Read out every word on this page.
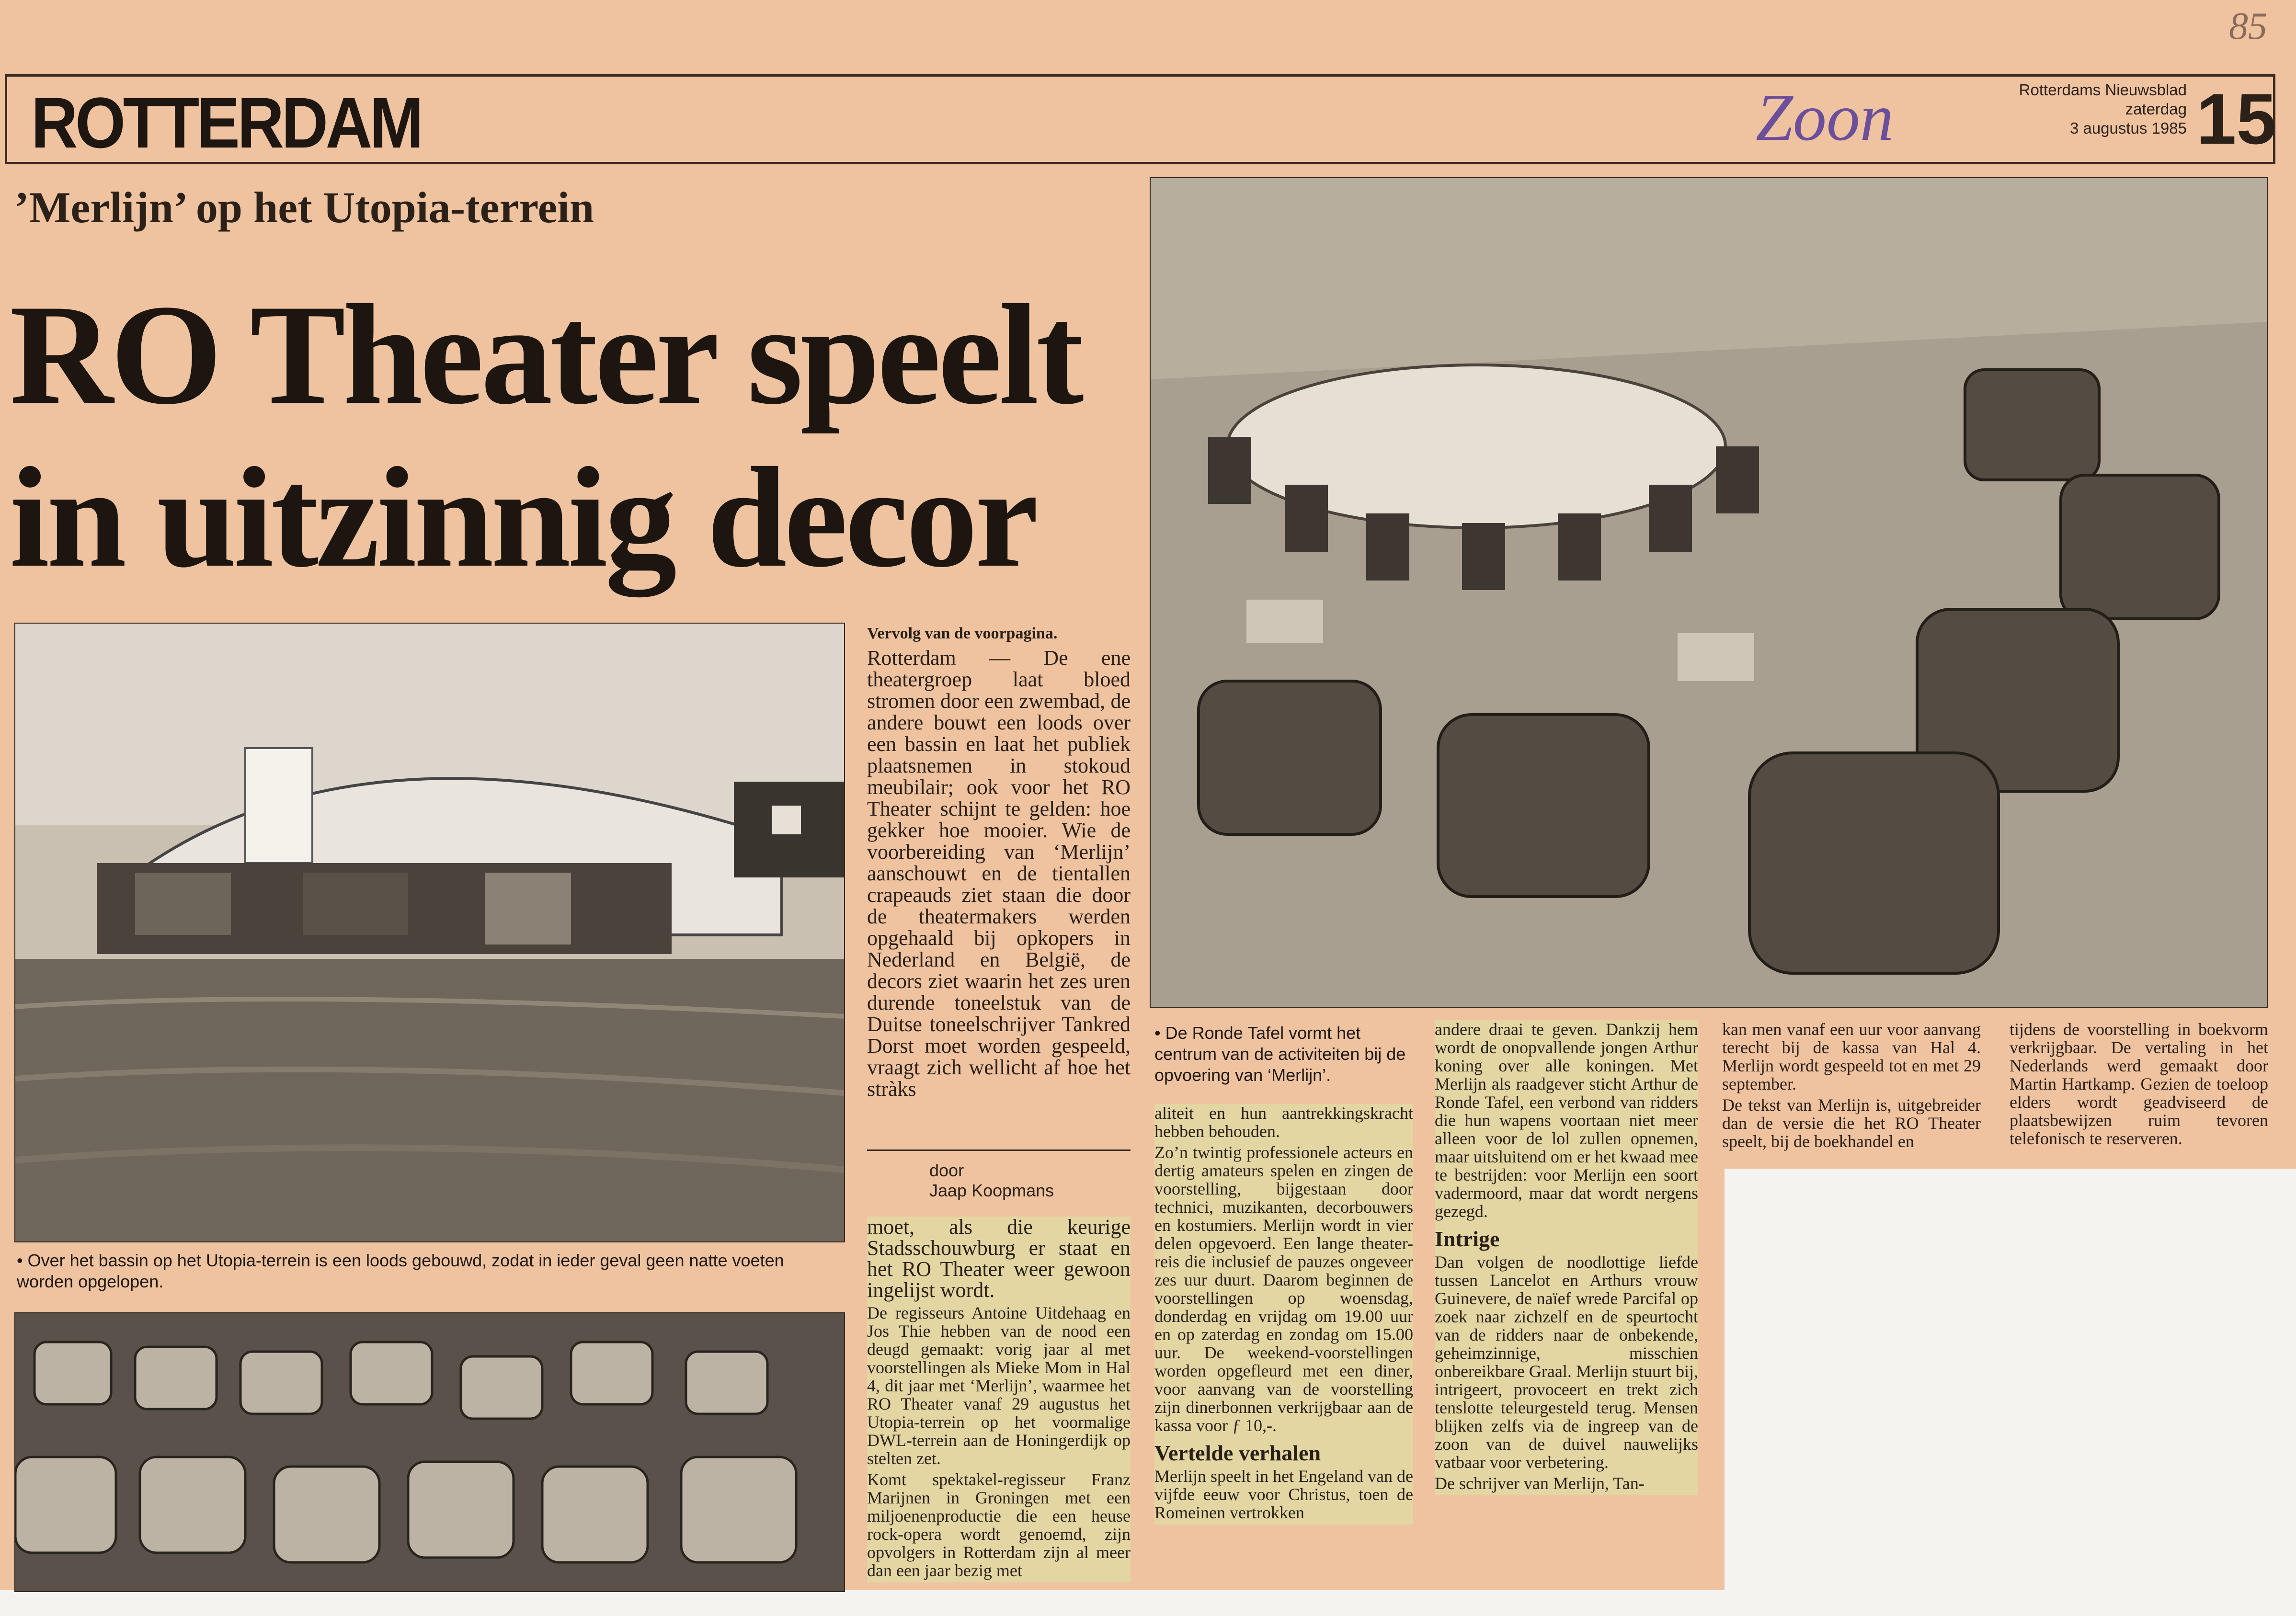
85
ROTTERDAM	Zoon	Rotterdams Nieuwsblad
zaterdag
3 augustus 1985 15
’Merlijn’ op het Utopia-terrein
RO Theater speelt
in uitzinnig decor
• Over het bassin op het Utopia-terrein is een loods gebouwd, zodat in ieder geval geen natte voeten worden opgelopen.
• De Ronde Tafel vormt het centrum van de activiteiten bij de opvoering van ‘Merlijn’.

Vervolg van de voorpagina.

Rotterdam — De ene theatergroep laat bloed stromen door een zwembad, de andere bouwt een loods over een bassin en laat het publiek plaatsnemen in stokoud meubilair; ook voor het RO Theater schijnt te gelden: hoe gekker hoe mooier. Wie de voorbereiding van ‘Merlijn’ aanschouwt en de tientallen crapeauds ziet staan die door de theatermakers werden opgehaald bij opkopers in Nederland en België, de decors ziet waarin het zes uren durende toneelstuk van de Duitse toneelschrijver Tankred Dorst moet worden gespeeld, vraagt zich wellicht af hoe het stràks

door
Jaap Koopmans

moet, als die keurige Stadsschouwburg er staat en het RO Theater weer gewoon ingelijst wordt.

De regisseurs Antoine Uitdehaag en Jos Thie hebben van de nood een deugd gemaakt: vorig jaar al met voorstellingen als Mieke Mom in Hal 4, dit jaar met ‘Merlijn’, waarmee het RO Theater vanaf 29 augustus het Utopia-terrein op het voormalige DWL-terrein aan de Honingerdijk op stelten zet.

Komt spektakel-regisseur Franz Marijnen in Groningen met een miljoenenproductie die een heuse rock-opera wordt genoemd, zijn opvolgers in Rotterdam zijn al meer dan een jaar bezig met

aliteit en hun aantrekkingskracht hebben behouden.

Zo’n twintig professionele acteurs en dertig amateurs spelen en zingen de voorstelling, bijgestaan door technici, muzikanten, decorbouwers en kostumiers. Merlijn wordt in vier delen opgevoerd. Een lange theater-reis die inclusief de pauzes ongeveer zes uur duurt. Daarom beginnen de voorstellingen op woensdag, donderdag en vrijdag om 19.00 uur en op zaterdag en zondag om 15.00 uur. De weekend-voorstellingen worden opgefleurd met een diner, voor aanvang van de voorstelling zijn dinerbonnen verkrijgbaar aan de kassa voor ƒ 10,-.

Vertelde verhalen

Merlijn speelt in het Engeland van de vijfde eeuw voor Christus, toen de Romeinen vertrokken

andere draai te geven. Dankzij hem wordt de onopvallende jongen Arthur koning over alle koningen. Met Merlijn als raadgever sticht Arthur de Ronde Tafel, een verbond van ridders die hun wapens voortaan niet meer alleen voor de lol zullen opnemen, maar uitsluitend om er het kwaad mee te bestrijden: voor Merlijn een soort vadermoord, maar dat wordt nergens gezegd.

Intrige

Dan volgen de noodlottige liefde tussen Lancelot en Arthurs vrouw Guinevere, de naïef wrede Parcifal op zoek naar zichzelf en de speurtocht van de ridders naar de onbekende, geheimzinnige, misschien onbereikbare Graal. Merlijn stuurt bij, intrigeert, provoceert en trekt zich tenslotte teleurgesteld terug. Mensen blijken zelfs via de ingreep van de zoon van de duivel nauwelijks vatbaar voor verbetering.

De schrijver van Merlijn, Tan-

kan men vanaf een uur voor aanvang terecht bij de kassa van Hal 4. Merlijn wordt gespeeld tot en met 29 september.

De tekst van Merlijn is, uitgebreider dan de versie die het RO Theater speelt, bij de boekhandel en

tijdens de voorstelling in boekvorm verkrijgbaar. De vertaling in het Nederlands werd gemaakt door Martin Hartkamp. Gezien de toeloop elders wordt geadviseerd de plaatsbewijzen ruim tevoren telefonisch te reserveren.
